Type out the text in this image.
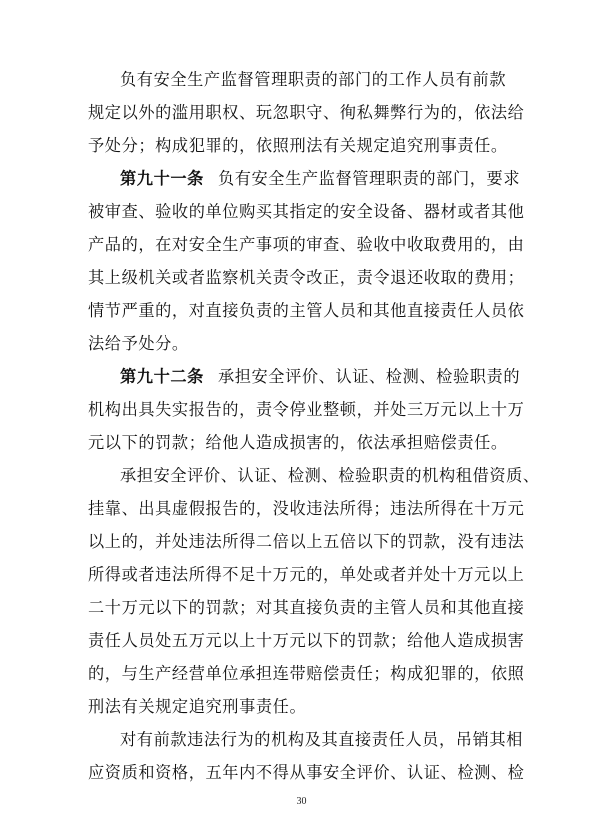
负有安全生产监督管理职责的部门的工作人员有前款
规定以外的滥用职权、玩忽职守、徇私舞弊行为的，依法给
予处分；构成犯罪的，依照刑法有关规定追究刑事责任。
第九十一条 负有安全生产监督管理职责的部门，要求
被审查、验收的单位购买其指定的安全设备、器材或者其他
产品的，在对安全生产事项的审查、验收中收取费用的，由
其上级机关或者监察机关责令改正，责令退还收取的费用；
情节严重的，对直接负责的主管人员和其他直接责任人员依
法给予处分。
第九十二条 承担安全评价、认证、检测、检验职责的
机构出具失实报告的，责令停业整顿，并处三万元以上十万
元以下的罚款；给他人造成损害的，依法承担赔偿责任。
承担安全评价、认证、检测、检验职责的机构租借资质、
挂靠、出具虚假报告的，没收违法所得；违法所得在十万元
以上的，并处违法所得二倍以上五倍以下的罚款，没有违法
所得或者违法所得不足十万元的，单处或者并处十万元以上
二十万元以下的罚款；对其直接负责的主管人员和其他直接
责任人员处五万元以上十万元以下的罚款；给他人造成损害
的，与生产经营单位承担连带赔偿责任；构成犯罪的，依照
刑法有关规定追究刑事责任。
对有前款违法行为的机构及其直接责任人员，吊销其相
应资质和资格，五年内不得从事安全评价、认证、检测、检
30
